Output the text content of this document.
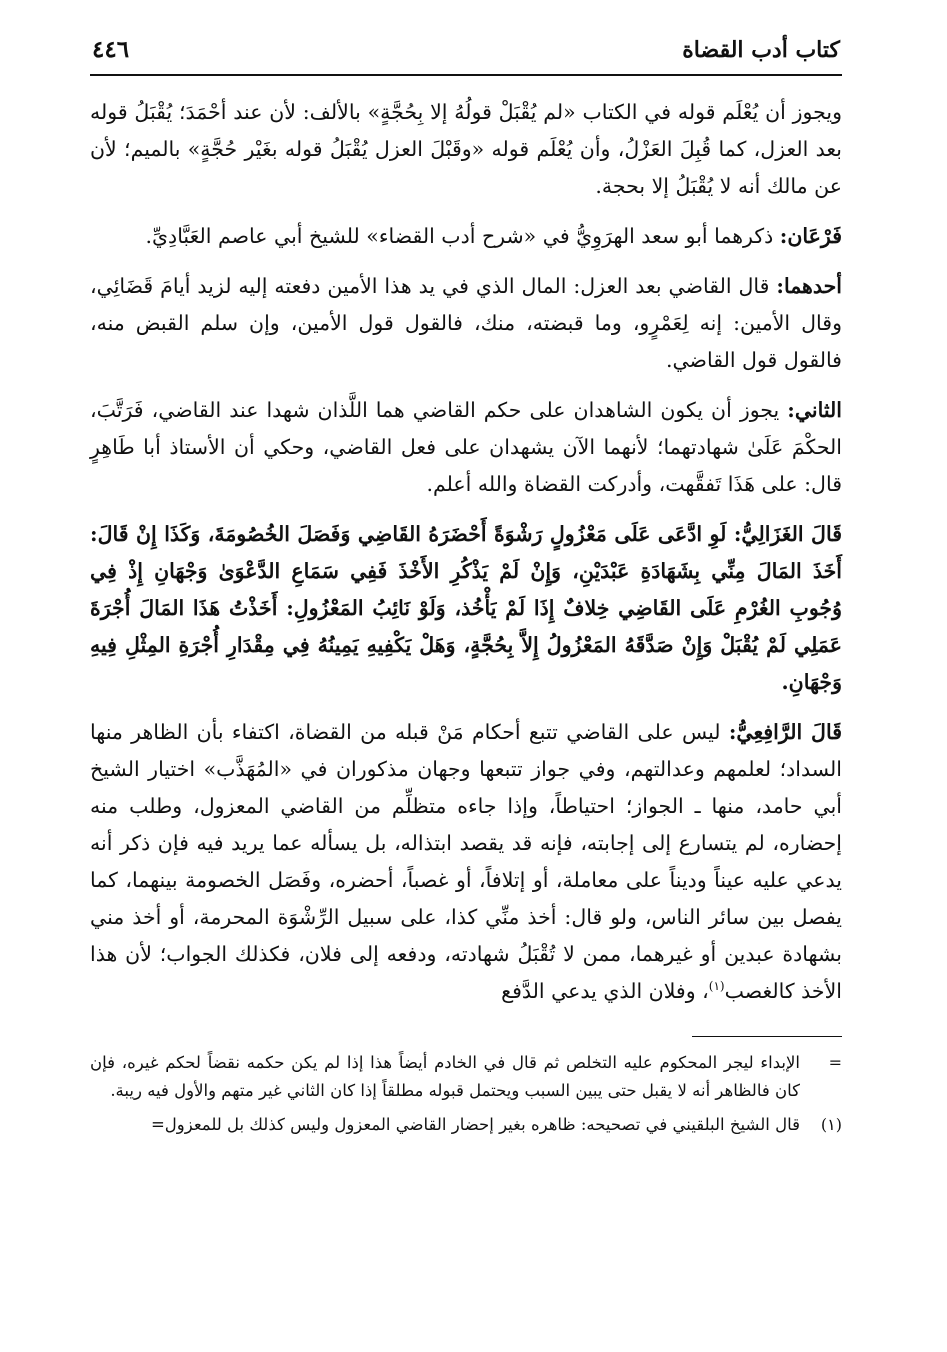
كتاب أدب القضاة
٤٤٦

ويجوز أن يُعْلَم قوله في الكتاب «لم يُقْبَلْ قولُهُ إلا بِحُجَّةٍ» بالألف: لأن عند أحْمَدَ؛ يُقْبَلُ قوله بعد العزل، كما قُبِلَ العَزْلُ، وأن يُعْلَم قوله «وقَبْلَ العزل يُقْبَلُ قوله بغَيْر حُجَّةٍ» بالميم؛ لأن عن مالك أنه لا يُقْبَلُ إلا بحجة.

فَرْعَان: ذكرهما أبو سعد الهرَوِيُّ في «شرح أدب القضاء» للشيخ أبي عاصم العَبَّادِيِّ.

أحدهما: قال القاضي بعد العزل: المال الذي في يد هذا الأمين دفعته إليه لزيد أيامَ قَضَائِي، وقال الأمين: إنه لِعَمْرٍو، وما قبضته، منك، فالقول قول الأمين، وإن سلم القبض منه، فالقول قول القاضي.

الثاني: يجوز أن يكون الشاهدان على حكم القاضي هما اللَّذان شهدا عند القاضي، فَرَتَّبَ، الحكْمَ عَلَىٰ شهادتهما؛ لأنهما الآن يشهدان على فعل القاضي، وحكي أن الأستاذ أبا طَاهِرٍ قال: على هَذَا تَفقَّهت، وأدركت القضاة والله أعلم.

قَالَ الغَزَالِيُّ: لَوِ ادَّعَى عَلَى مَعْزُولٍ رَشْوَةً أَحْضَرَهُ القَاضِي وَفَصَلَ الخُصُومَةَ، وَكَذَا إِنْ قَالَ: أَخَذَ المَالَ مِنِّي بِشَهَادَةِ عَبْدَيْنِ، وَإِنْ لَمْ يَذْكُرِ الأَخْذَ فَفِي سَمَاعِ الدَّعْوَىٰ وَجْهَانِ إِذْ فِي وُجُوبِ الغُرْمِ عَلَى القَاضِي خِلافٌ إِذَا لَمْ يَأْخُذ، وَلَوْ نَائِبُ المَعْزُولِ: أَخَذْتُ هَذَا المَالَ أُجْرَةَ عَمَلِي لَمْ يُقْبَلْ وَإِنْ صَدَّقَهُ المَعْزُولُ إِلاَّ بِحُجَّةٍ، وَهَلْ يَكْفِيهِ يَمِينُهُ فِي مِقْدَارِ أُجْرَةِ المِثْلِ فِيهِ وَجْهَانِ.

قَالَ الرَّافِعِيُّ: ليس على القاضي تتبع أحكام مَنْ قبله من القضاة، اكتفاء بأن الظاهر منها السداد؛ لعلمهم وعدالتهم، وفي جواز تتبعها وجهان مذكوران في «المُهَذَّب» اختيار الشيخ أبي حامد، منها ـ الجواز؛ احتياطاً، وإذا جاءه متظلِّم من القاضي المعزول، وطلب منه إحضاره، لم يتسارع إلى إجابته، فإنه قد يقصد ابتذاله، بل يسأله عما يريد فيه فإن ذكر أنه يدعي عليه عيناً وديناً على معاملة، أو إتلافاً، أو غصباً، أحضره، وفَصَل الخصومة بينهما، كما يفصل بين سائر الناس، ولو قال: أخذ منِّي كذا، على سبيل الرِّشْوَة المحرمة، أو أخذ مني بشهادة عبدين أو غيرهما، ممن لا تُقْبَلُ شهادته، ودفعه إلى فلان، فكذلك الجواب؛ لأن هذا الأخذ كالغصب$^{(١)}$، وفلان الذي يدعي الدَّفع

=
الإبداء ليجر المحكوم عليه التخلص ثم قال في الخادم أيضاً هذا إذا لم يكن حكمه نقضاً لحكم غيره، فإن كان فالظاهر أنه لا يقبل حتى يبين السبب ويحتمل قبوله مطلقاً إذا كان الثاني غير متهم والأول فيه ريبة.
(١)
قال الشيخ البلقيني في تصحيحه: ظاهره بغير إحضار القاضي المعزول وليس كذلك بل للمعزول=
